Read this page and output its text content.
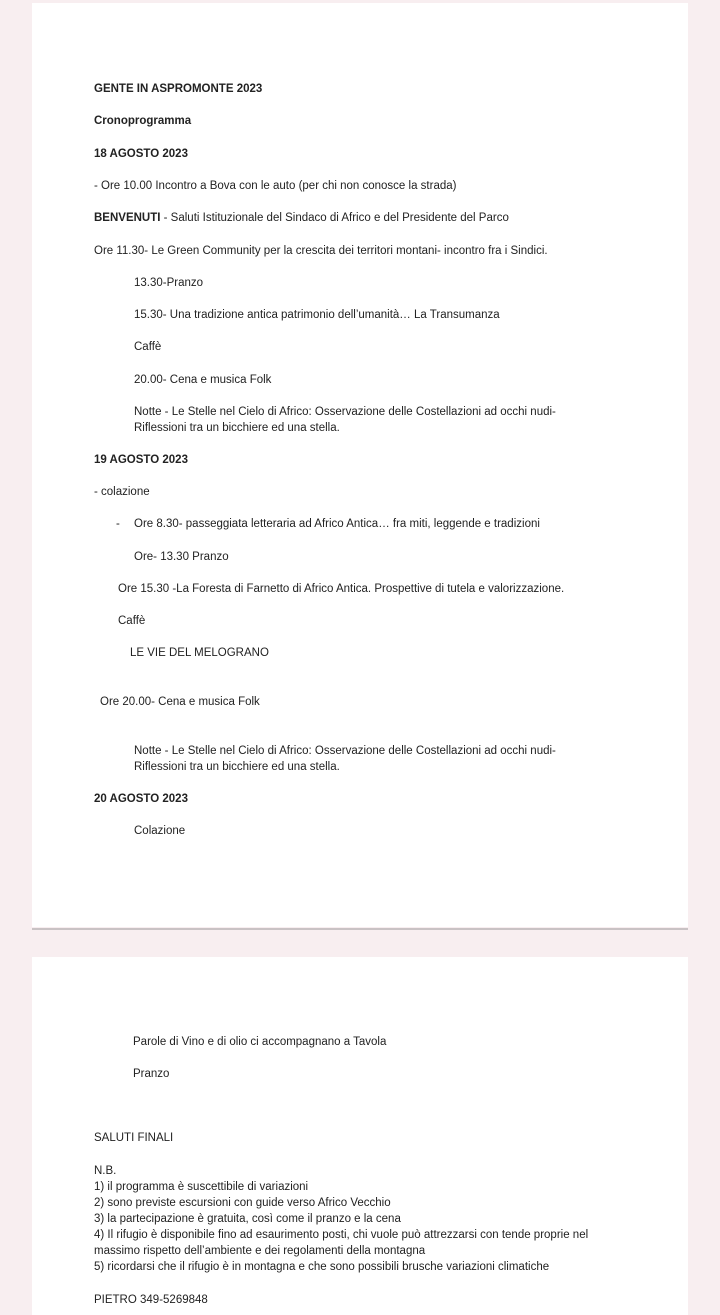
GENTE IN ASPROMONTE 2023
Cronoprogramma
18 AGOSTO 2023
- Ore 10.00 Incontro a Bova con le auto (per chi non conosce la strada)
BENVENUTI - Saluti Istituzionale del Sindaco di Africo e del Presidente del Parco
Ore 11.30- Le Green Community per la crescita dei territori montani- incontro fra i Sindici.
13.30-Pranzo
15.30- Una tradizione antica patrimonio dell’umanità… La Transumanza
Caffè
20.00- Cena e musica Folk
Notte - Le Stelle nel Cielo di Africo: Osservazione delle Costellazioni ad occhi nudi-
Riflessioni tra un bicchiere ed una stella.
19 AGOSTO 2023
- colazione
- Ore 8.30- passeggiata letteraria ad Africo Antica… fra miti, leggende e tradizioni
Ore- 13.30 Pranzo
Ore 15.30 -La Foresta di Farnetto di Africo Antica. Prospettive di tutela e valorizzazione.
Caffè
LE VIE DEL MELOGRANO
Ore 20.00- Cena e musica Folk
Notte - Le Stelle nel Cielo di Africo: Osservazione delle Costellazioni ad occhi nudi-
Riflessioni tra un bicchiere ed una stella.
20 AGOSTO 2023
Colazione
Parole di Vino e di olio ci accompagnano a Tavola
Pranzo
SALUTI FINALI
N.B.
1) il programma è suscettibile di variazioni
2) sono previste escursioni con guide verso Africo Vecchio
3) la partecipazione è gratuita, così come il pranzo e la cena
4) Il rifugio è disponibile fino ad esaurimento posti, chi vuole può attrezzarsi con tende proprie nel
massimo rispetto dell’ambiente e dei regolamenti della montagna
5) ricordarsi che il rifugio è in montagna e che sono possibili brusche variazioni climatiche
PIETRO 349-5269848
